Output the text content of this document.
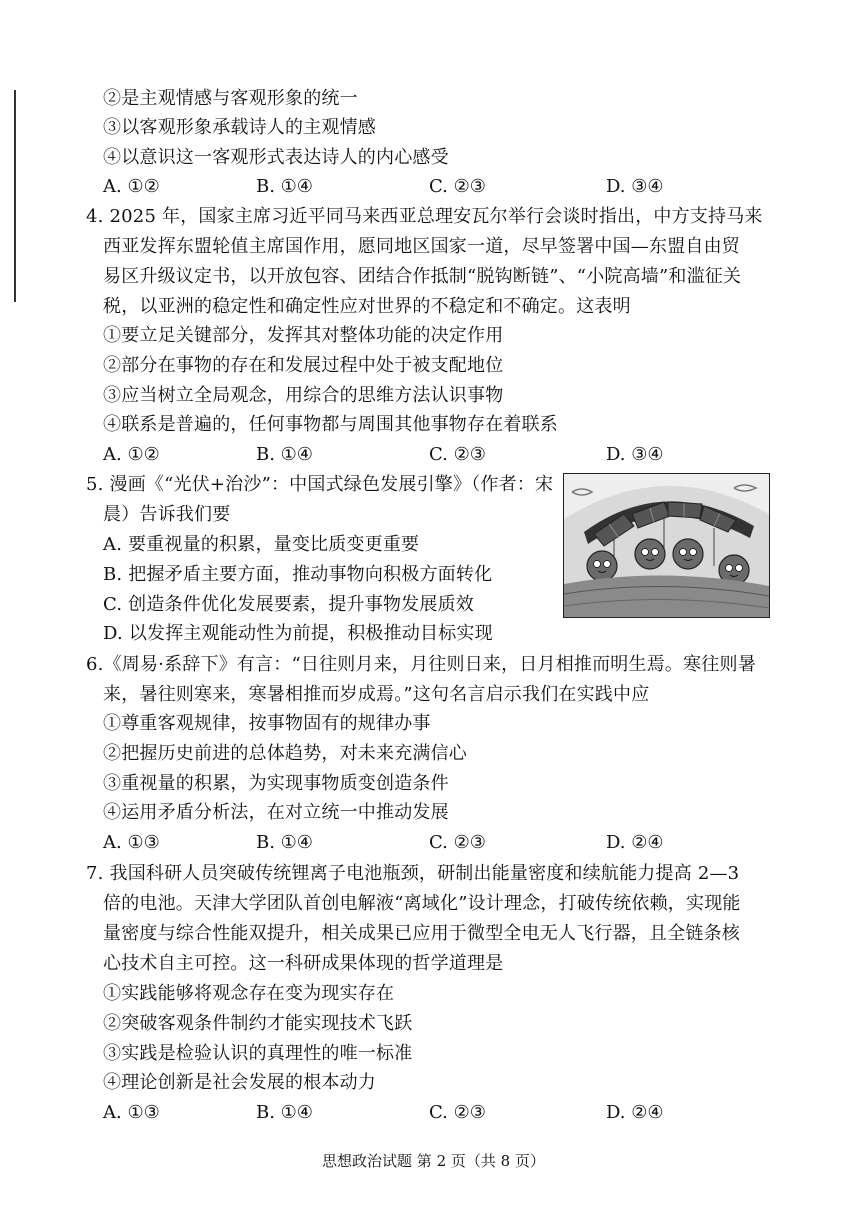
②是主观情感与客观形象的统一
③以客观形象承载诗人的主观情感
④以意识这一客观形式表达诗人的内心感受
A. ①②	B. ①④	C. ②③	D. ③④
4. 2025 年，国家主席习近平同马来西亚总理安瓦尔举行会谈时指出，中方支持马来
西亚发挥东盟轮值主席国作用，愿同地区国家一道，尽早签署中国—东盟自由贸
易区升级议定书，以开放包容、团结合作抵制“脱钩断链”、“小院高墙”和滥征关
税，以亚洲的稳定性和确定性应对世界的不稳定和不确定。这表明
①要立足关键部分，发挥其对整体功能的决定作用
②部分在事物的存在和发展过程中处于被支配地位
③应当树立全局观念，用综合的思维方法认识事物
④联系是普遍的，任何事物都与周围其他事物存在着联系
A. ①②	B. ①④	C. ②③	D. ③④
5. 漫画《“光伏+治沙”：中国式绿色发展引擎》（作者：宋
晨）告诉我们要
A. 要重视量的积累，量变比质变更重要
B. 把握矛盾主要方面，推动事物向积极方面转化
C. 创造条件优化发展要素，提升事物发展质效
D. 以发挥主观能动性为前提，积极推动目标实现
6.《周易·系辞下》有言：“日往则月来，月往则日来，日月相推而明生焉。寒往则暑
来，暑往则寒来，寒暑相推而岁成焉。”这句名言启示我们在实践中应
①尊重客观规律，按事物固有的规律办事
②把握历史前进的总体趋势，对未来充满信心
③重视量的积累，为实现事物质变创造条件
④运用矛盾分析法，在对立统一中推动发展
A. ①③	B. ①④	C. ②③	D. ②④
7. 我国科研人员突破传统锂离子电池瓶颈，研制出能量密度和续航能力提高 2—3
倍的电池。天津大学团队首创电解液“离域化”设计理念，打破传统依赖，实现能
量密度与综合性能双提升，相关成果已应用于微型全电无人飞行器，且全链条核
心技术自主可控。这一科研成果体现的哲学道理是
①实践能够将观念存在变为现实存在
②突破客观条件制约才能实现技术飞跃
③实践是检验认识的真理性的唯一标准
④理论创新是社会发展的根本动力
A. ①③	B. ①④	C. ②③	D. ②④
思想政治试题 第 2 页（共 8 页）
